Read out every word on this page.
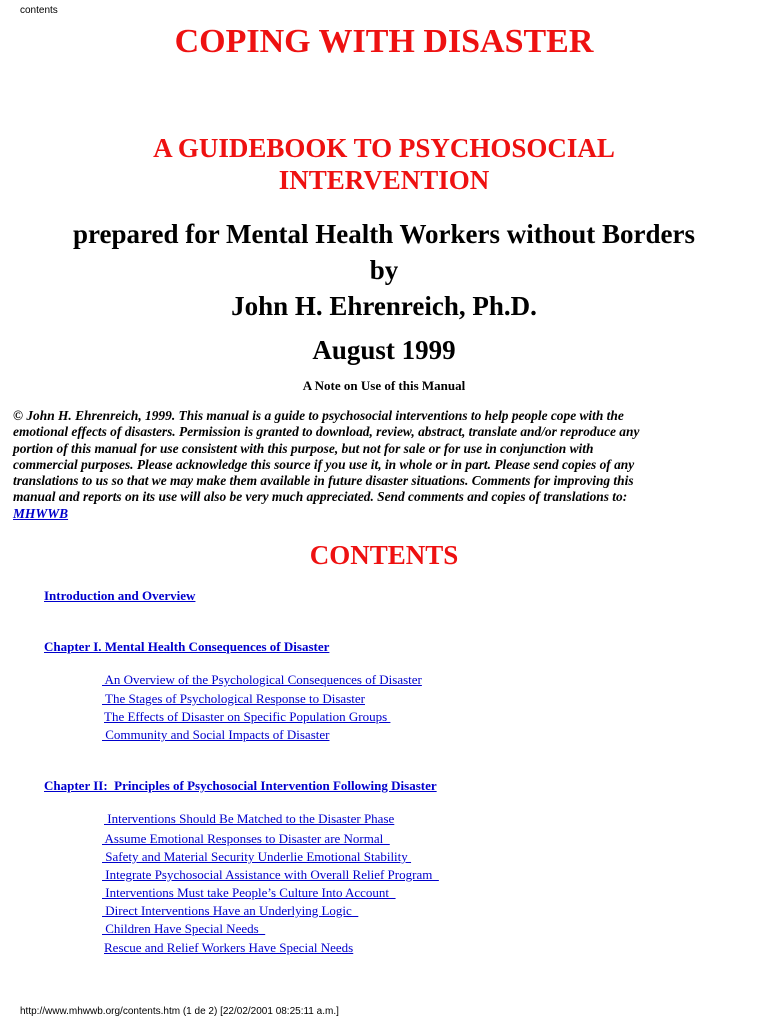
contents
COPING WITH DISASTER
A GUIDEBOOK TO PSYCHOSOCIAL
INTERVENTION
prepared for Mental Health Workers without Borders
by
John H. Ehrenreich, Ph.D.
August 1999
A Note on Use of this Manual
© John H. Ehrenreich, 1999. This manual is a guide to psychosocial interventions to help people cope with the
emotional effects of disasters. Permission is granted to download, review, abstract, translate and/or reproduce any
portion of this manual for use consistent with this purpose, but not for sale or for use in conjunction with
commercial purposes. Please acknowledge this source if you use it, in whole or in part. Please send copies of any
translations to us so that we may make them available in future disaster situations. Comments for improving this
manual and reports on its use will also be very much appreciated. Send comments and copies of translations to:
MHWWB
CONTENTS
Introduction and Overview
Chapter I. Mental Health Consequences of Disaster
An Overview of the Psychological Consequences of Disaster
The Stages of Psychological Response to Disaster
The Effects of Disaster on Specific Population Groups
Community and Social Impacts of Disaster
Chapter II:  Principles of Psychosocial Intervention Following Disaster
Interventions Should Be Matched to the Disaster Phase
Assume Emotional Responses to Disaster are Normal
Safety and Material Security Underlie Emotional Stability
Integrate Psychosocial Assistance with Overall Relief Program
Interventions Must take People’s Culture Into Account
Direct Interventions Have an Underlying Logic
Children Have Special Needs
Rescue and Relief Workers Have Special Needs
http://www.mhwwb.org/contents.htm (1 de 2) [22/02/2001 08:25:11 a.m.]
